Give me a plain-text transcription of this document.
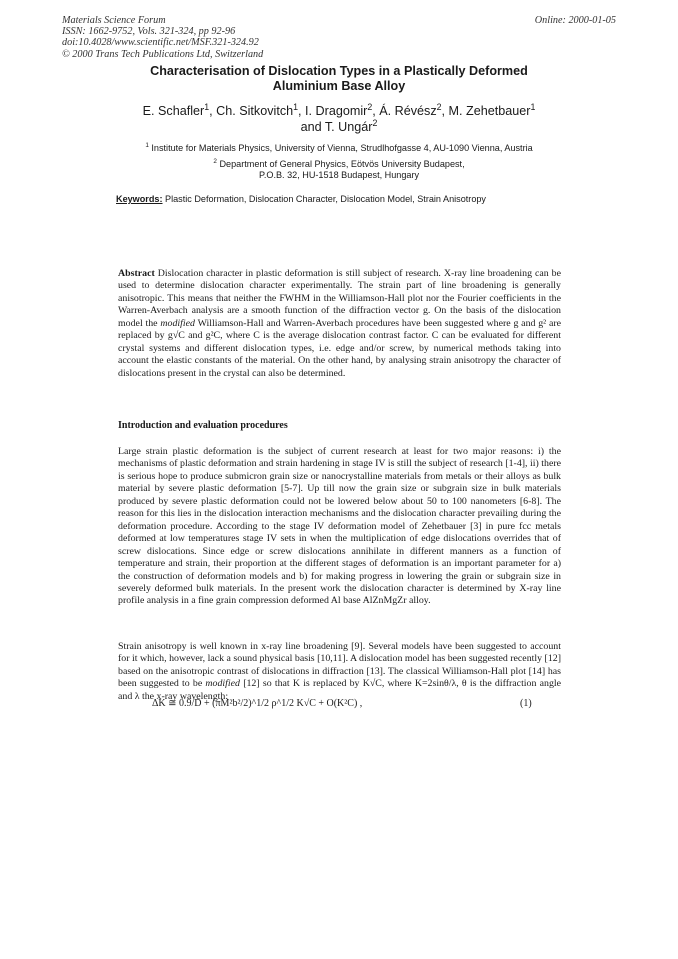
Materials Science Forum
ISSN: 1662-9752, Vols. 321-324, pp 92-96
doi:10.4028/www.scientific.net/MSF.321-324.92
© 2000 Trans Tech Publications Ltd, Switzerland
Online: 2000-01-05
Characterisation of Dislocation Types in a Plastically Deformed
Aluminium Base Alloy
E. Schafler$^1$, Ch. Sitkovitch$^1$, I. Dragomir$^2$, Á. Révész$^2$, M. Zehetbauer$^1$
and T. Ungár$^2$
$^1$ Institute for Materials Physics, University of Vienna, Strudlhofgasse 4, AU-1090 Vienna, Austria
$^2$ Department of General Physics, Eötvös University Budapest,
P.O.B. 32, HU-1518 Budapest, Hungary
Keywords: Plastic Deformation, Dislocation Character, Dislocation Model, Strain Anisotropy
Abstract Dislocation character in plastic deformation is still subject of research. X-ray line broadening can be used to determine dislocation character experimentally. The strain part of line broadening is generally anisotropic. This means that neither the FWHM in the Williamson-Hall plot nor the Fourier coefficients in the Warren-Averbach analysis are a smooth function of the diffraction vector g. On the basis of the dislocation model the modified Williamson-Hall and Warren-Averbach procedures have been suggested where g and g² are replaced by g√C and g²C, where C is the average dislocation contrast factor. C can be evaluated for different crystal systems and different dislocation types, i.e. edge and/or screw, by numerical methods taking into account the elastic constants of the material. On the other hand, by analysing strain anisotropy the character of dislocations present in the crystal can also be determined.
Introduction and evaluation procedures
Large strain plastic deformation is the subject of current research at least for two major reasons: i) the mechanisms of plastic deformation and strain hardening in stage IV is still the subject of research [1-4], ii) there is serious hope to produce submicron grain size or nanocrystalline materials from metals or their alloys as bulk material by severe plastic deformation [5-7]. Up till now the grain size or subgrain size in bulk materials produced by severe plastic deformation could not be lowered below about 50 to 100 nanometers [6-8]. The reason for this lies in the dislocation interaction mechanisms and the dislocation character prevailing during the deformation procedure. According to the stage IV deformation model of Zehetbauer [3] in pure fcc metals deformed at low temperatures stage IV sets in when the multiplication of edge dislocations overrides that of screw dislocations. Since edge or screw dislocations annihilate in different manners as a function of temperature and strain, their proportion at the different stages of deformation is an important parameter for a) the construction of deformation models and b) for making progress in lowering the grain or subgrain size in severely deformed bulk materials. In the present work the dislocation character is determined by X-ray line profile analysis in a fine grain compression deformed Al base AlZnMgZr alloy.
Strain anisotropy is well known in x-ray line broadening [9]. Several models have been suggested to account for it which, however, lack a sound physical basis [10,11]. A dislocation model has been suggested recently [12] based on the anisotropic contrast of dislocations in diffraction [13]. The classical Williamson-Hall plot [14] has been suggested to be modified [12] so that K is replaced by K√C, where K=2sinθ/λ, θ is the diffraction angle and λ the x-ray wavelength:
ΔK ≅ 0.9/D + (πM²b²/2)^1/2 ρ^1/2 K√C + O(K²C) ,	(1)
